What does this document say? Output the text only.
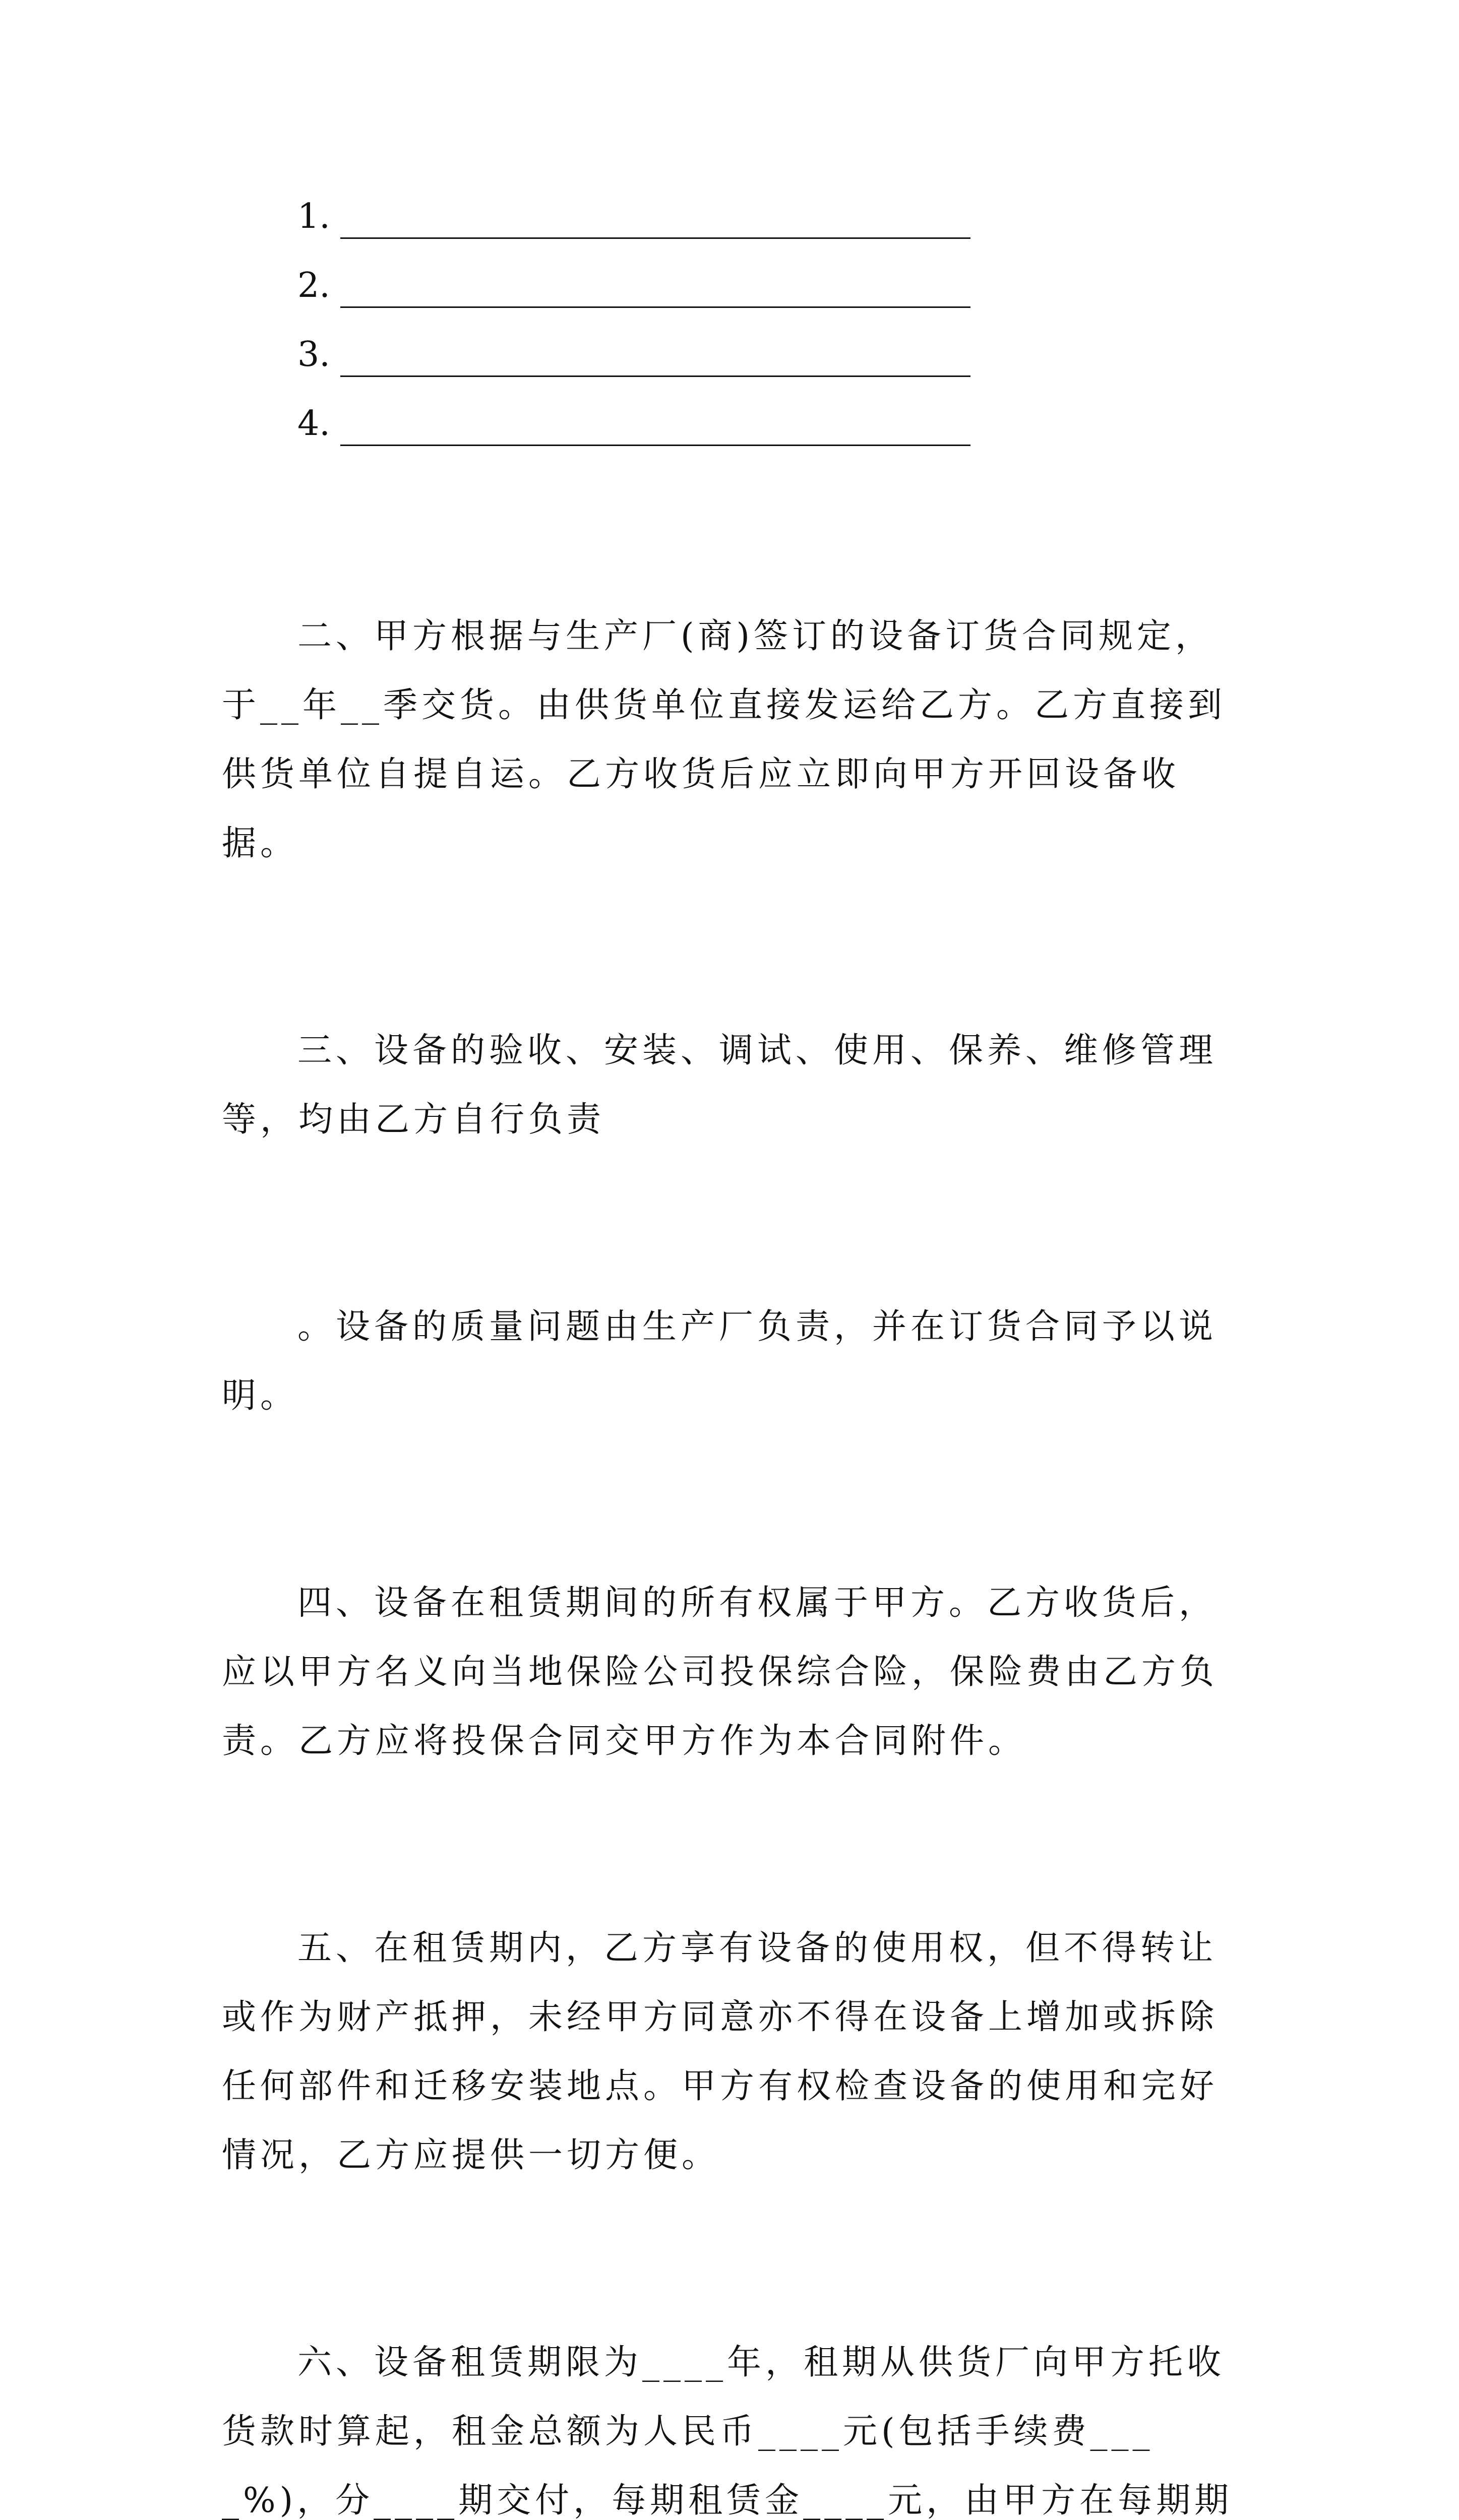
1.
2.
3.
4.

二、甲方根据与生产厂(商)签订的设备订货合同规定，于__年__季交货。由供货单位直接发运给乙方。乙方直接到供货单位自提自运。乙方收货后应立即向甲方开回设备收据。

三、设备的验收、安装、调试、使用、保养、维修管理等，均由乙方自行负责

。设备的质量问题由生产厂负责，并在订货合同予以说明。

四、设备在租赁期间的所有权属于甲方。乙方收货后，应以甲方名义向当地保险公司投保综合险，保险费由乙方负责。乙方应将投保合同交甲方作为本合同附件。

五、在租赁期内，乙方享有设备的使用权，但不得转让或作为财产抵押，未经甲方同意亦不得在设备上增加或拆除任何部件和迁移安装地点。甲方有权检查设备的使用和完好情况，乙方应提供一切方便。

六、设备租赁期限为____年，租期从供货厂向甲方托收货款时算起，租金总额为人民币____元(包括手续费____%)，分____期交付，每期租赁金____元，由甲方在每期期
